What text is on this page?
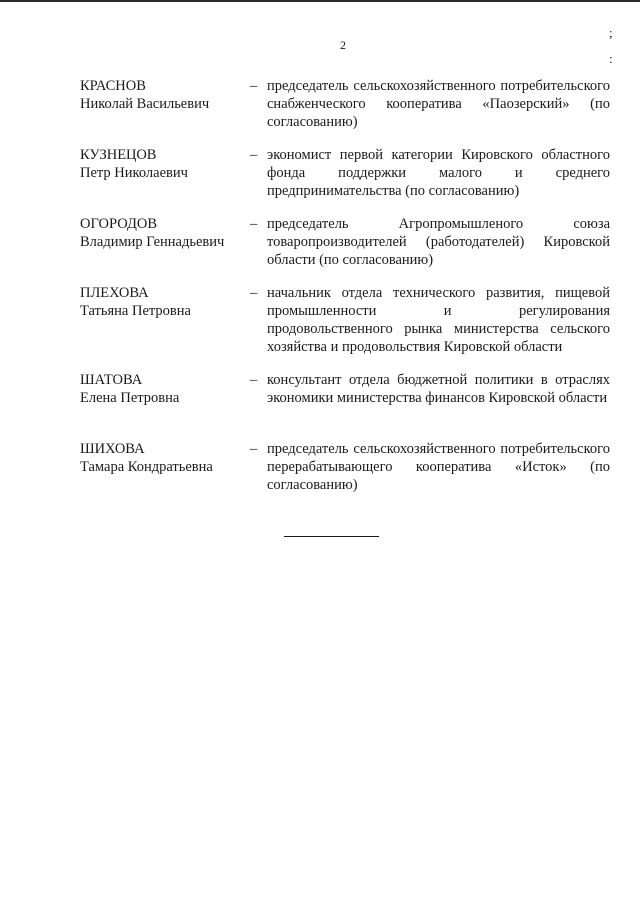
2
;
:
КРАСНОВ
Николай Васильевич
– председатель сельскохозяйственного потребительского снабженческого кооператива «Паозерский» (по согласованию)
КУЗНЕЦОВ
Петр Николаевич
– экономист первой категории Кировского областного фонда поддержки малого и среднего предпринимательства (по согласованию)
ОГОРОДОВ
Владимир Геннадьевич
– председатель Агропромышленого союза товаропроизводителей (работодателей) Кировской области (по согласованию)
ПЛЕХОВА
Татьяна Петровна
– начальник отдела технического развития, пищевой промышленности и регулирования продовольственного рынка министерства сельского хозяйства и продовольствия Кировской области
ШАТОВА
Елена Петровна
– консультант отдела бюджетной политики в отраслях экономики министерства финансов Кировской области
ШИХОВА
Тамара Кондратьевна
– председатель сельскохозяйственного потребительского перерабатывающего кооператива «Исток» (по согласованию)
